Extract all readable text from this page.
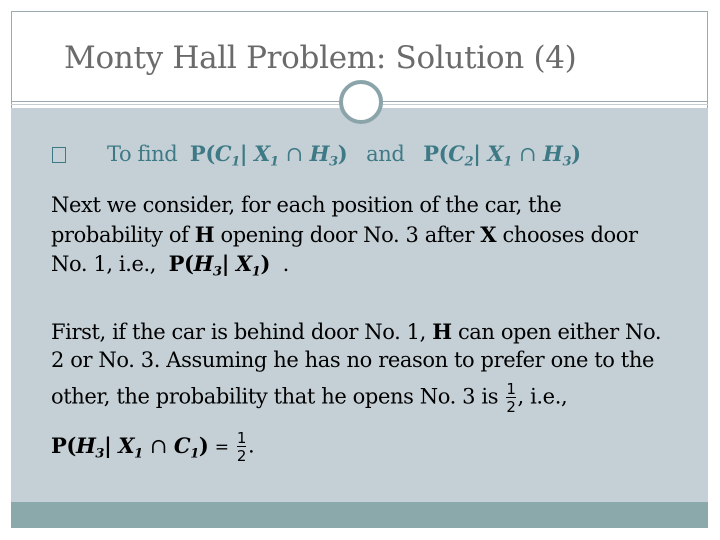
Monty Hall Problem: Solution (4)
To find $P(C_1|$ $X_1$ ∩ $H_3$) and $P(C_2|$ $X_1$ ∩ $H_3$)
Next we consider, for each position of the car, the
probability of H opening door No. 3 after X chooses door
No. 1, i.e., $P(H_3|$ $X_1$) .
First, if the car is behind door No. 1, H can open either No.
2 or No. 3. Assuming he has no reason to prefer one to the
other, the probability that he opens No. 3 is $\frac{1}{2}$ , i.e.,
$P(H_3|$ $X_1$ ∩ $C_1) = \frac{1}{2}$ .
